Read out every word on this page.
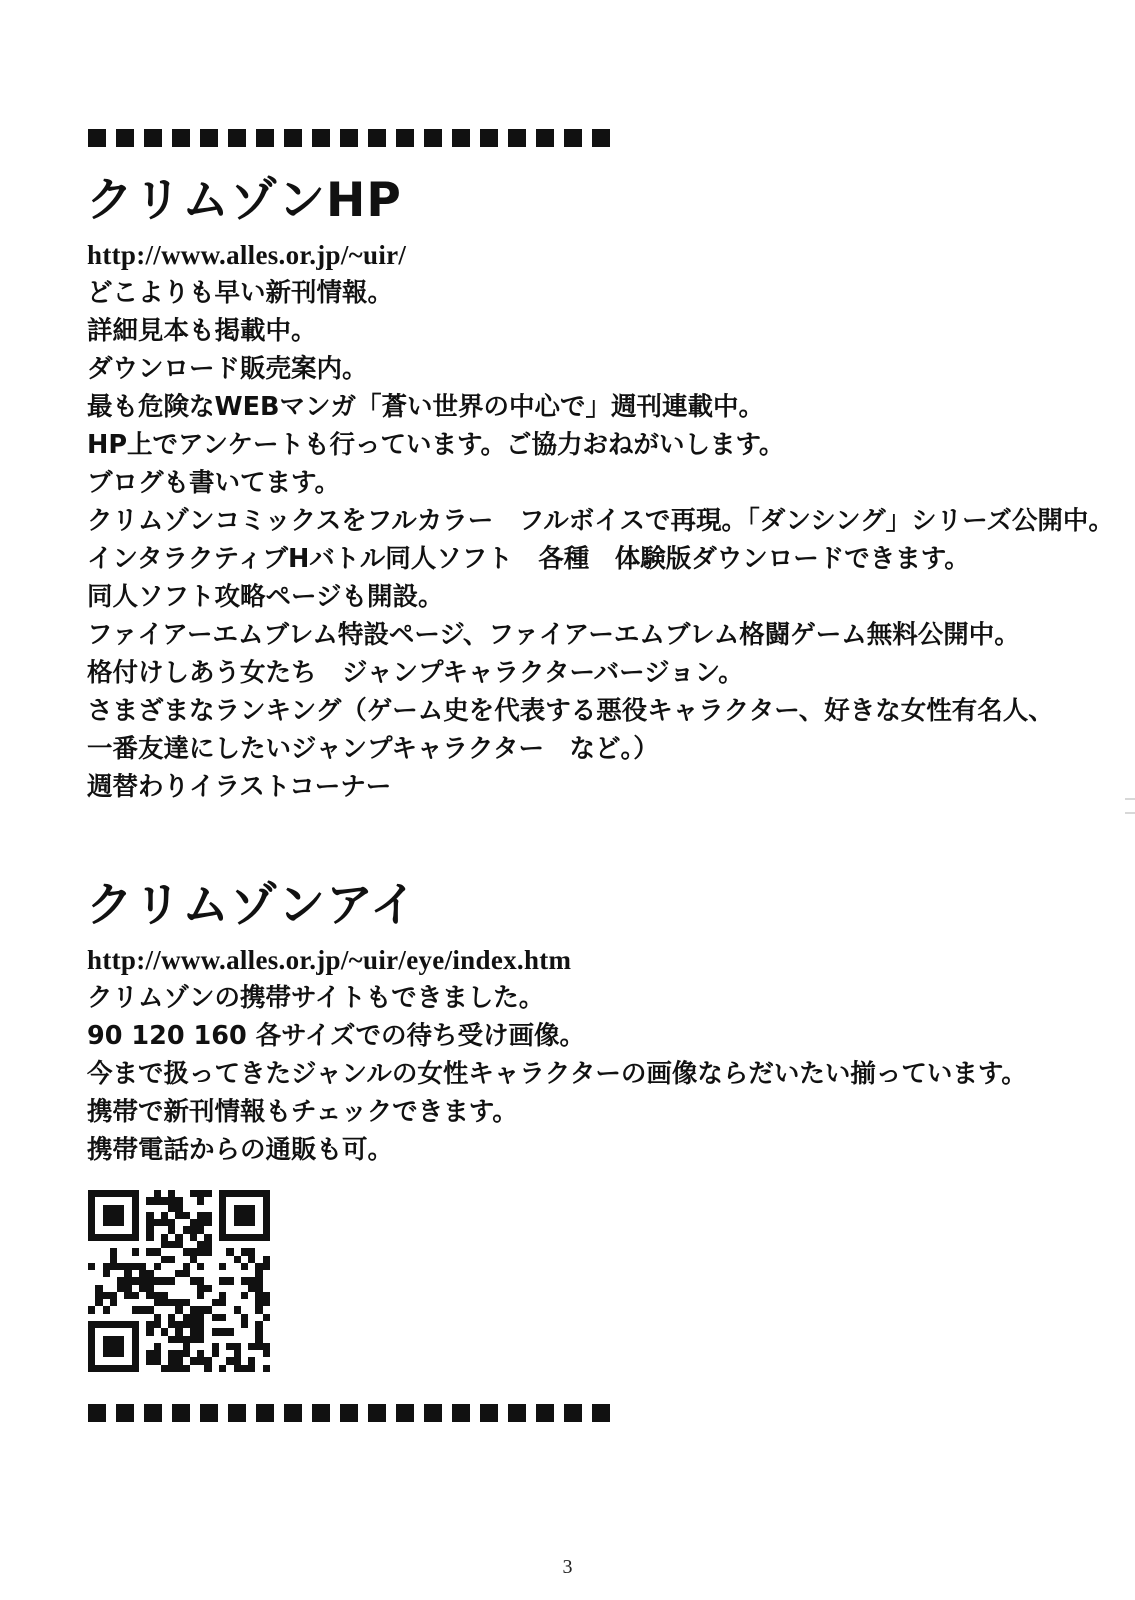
クリムゾンHP
http://www.alles.or.jp/~uir/
どこよりも早い新刊情報。
詳細見本も掲載中。
ダウンロード販売案内。
最も危険なWEBマンガ「蒼い世界の中心で」週刊連載中。
HP上でアンケートも行っています。ご協力おねがいします。
ブログも書いてます。
クリムゾンコミックスをフルカラー　フルボイスで再現。「ダンシング」シリーズ公開中。
インタラクティブHバトル同人ソフト　各種　体験版ダウンロードできます。
同人ソフト攻略ページも開設。
ファイアーエムブレム特設ページ、ファイアーエムブレム格闘ゲーム無料公開中。
格付けしあう女たち　ジャンプキャラクターバージョン。
さまざまなランキング（ゲーム史を代表する悪役キャラクター、好きな女性有名人、一番友達にしたいジャンプキャラクター　など。）
週替わりイラストコーナー
クリムゾンアイ
http://www.alles.or.jp/~uir/eye/index.htm
クリムゾンの携帯サイトもできました。
90 120 160 各サイズでの待ち受け画像。
今まで扱ってきたジャンルの女性キャラクターの画像ならだいたい揃っています。
携帯で新刊情報もチェックできます。
携帯電話からの通販も可。
3
